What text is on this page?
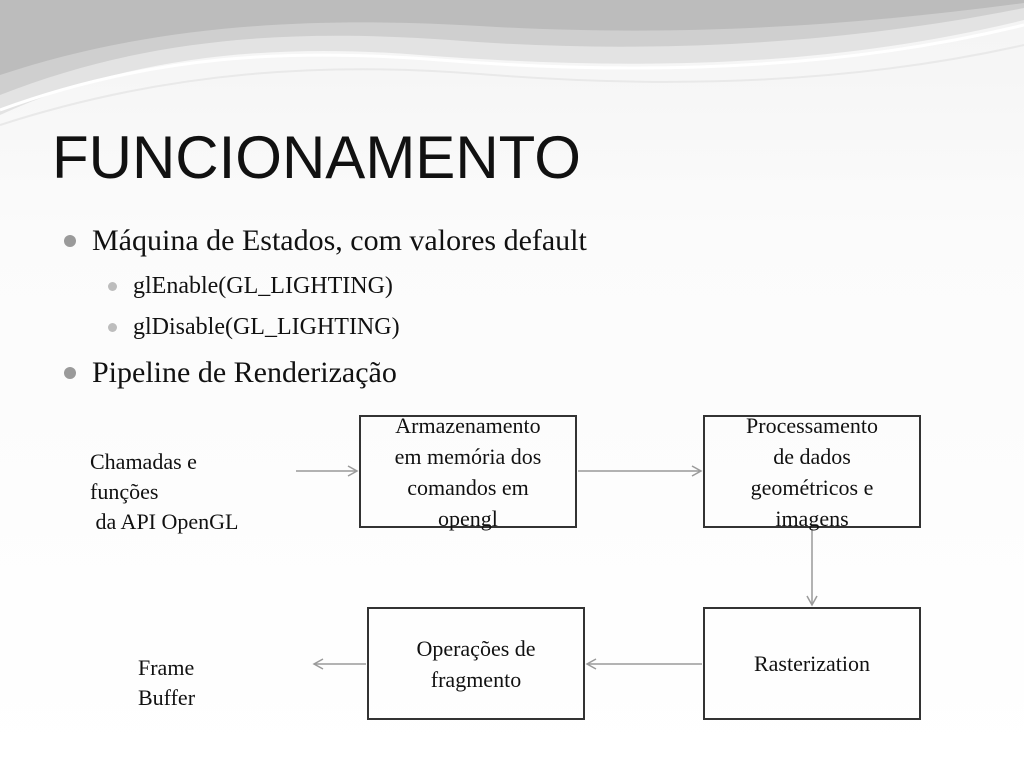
FUNCIONAMENTO
Máquina de Estados, com valores default
glEnable(GL_LIGHTING)
glDisable(GL_LIGHTING)
Pipeline de Renderização
Chamadas e
funções
da API OpenGL
Frame
Buffer
Armazenamento
em memória dos
comandos em
opengl
Processamento
de dados
geométricos e
imagens
Rasterization
Operações de
fragmento
